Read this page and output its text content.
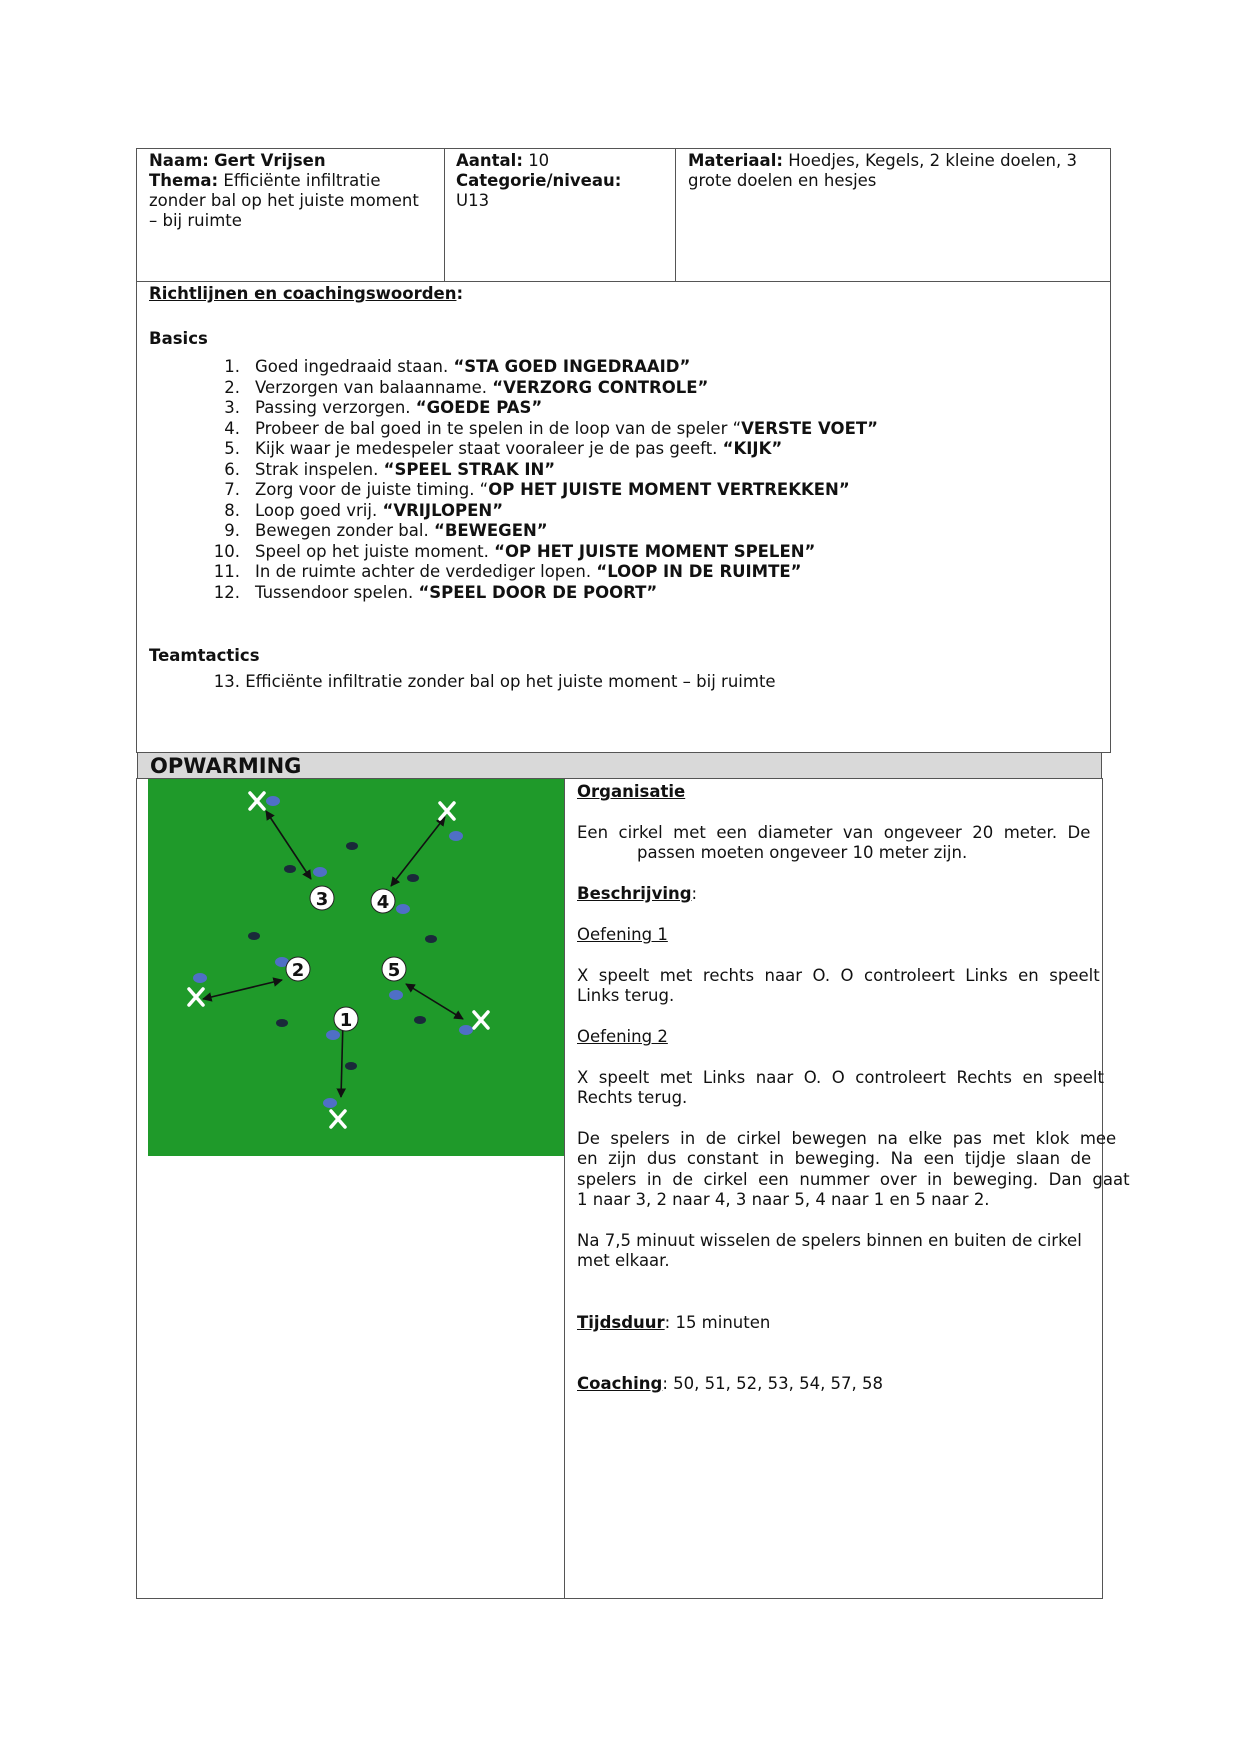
Naam: Gert Vrijsen
Thema: Efficiënte infiltratie
zonder bal op het juiste moment
– bij ruimte
Aantal: 10
Categorie/niveau:
U13
Materiaal: Hoedjes, Kegels, 2 kleine doelen, 3
grote doelen en hesjes
Richtlijnen en coachingswoorden:
Basics
1. Goed ingedraaid staan. “STA GOED INGEDRAAID”
2. Verzorgen van balaanname. “VERZORG CONTROLE”
3. Passing verzorgen. “GOEDE PAS”
4. Probeer de bal goed in te spelen in de loop van de speler “VERSTE VOET”
5. Kijk waar je medespeler staat vooraleer je de pas geeft. “KIJK”
6. Strak inspelen. “SPEEL STRAK IN”
7. Zorg voor de juiste timing. “OP HET JUISTE MOMENT VERTREKKEN”
8. Loop goed vrij. “VRIJLOPEN”
9. Bewegen zonder bal. “BEWEGEN”
10. Speel op het juiste moment. “OP HET JUISTE MOMENT SPELEN”
11. In de ruimte achter de verdediger lopen. “LOOP IN DE RUIMTE”
12. Tussendoor spelen. “SPEEL DOOR DE POORT”
Teamtactics
13. Efficiënte infiltratie zonder bal op het juiste moment – bij ruimte
OPWARMING
3	4
2	5
1
Organisatie
Een  cirkel  met  een  diameter  van  ongeveer  20  meter.  De
passen moeten ongeveer 10 meter zijn.
Beschrijving:
Oefening 1
X  speelt  met  rechts  naar  O.  O  controleert  Links  en  speelt
Links terug.
Oefening 2
X  speelt  met  Links  naar  O.  O  controleert  Rechts  en  speelt
Rechts terug.
De  spelers  in  de  cirkel  bewegen  na  elke  pas  met  klok  mee
en  zijn  dus  constant  in  beweging.  Na  een  tijdje  slaan  de
spelers  in  de  cirkel  een  nummer  over  in  beweging.  Dan  gaat
1 naar 3, 2 naar 4, 3 naar 5, 4 naar 1 en 5 naar 2.
Na 7,5 minuut wisselen de spelers binnen en buiten de cirkel
met elkaar.
Tijdsduur: 15 minuten
Coaching: 50, 51, 52, 53, 54, 57, 58
